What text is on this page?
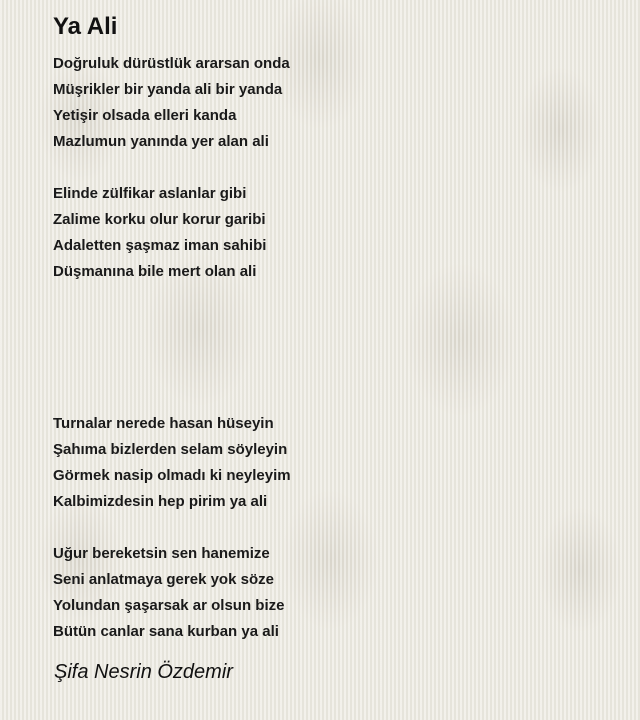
Ya Ali
Doğruluk dürüstlük ararsan onda
Müşrikler bir yanda ali bir yanda
Yetişir olsada elleri kanda
Mazlumun yanında yer alan ali
Elinde zülfikar aslanlar gibi
Zalime korku olur korur garibi
Adaletten şaşmaz iman sahibi
Düşmanına bile mert olan ali
Turnalar nerede hasan hüseyin
Şahıma bizlerden selam söyleyin
Görmek nasip olmadı ki neyleyim
Kalbimizdesin hep pirim ya ali
Uğur bereketsin sen hanemize
Seni anlatmaya gerek yok söze
Yolundan şaşarsak ar olsun bize
Bütün canlar sana kurban ya ali
Şifa Nesrin Özdemir
